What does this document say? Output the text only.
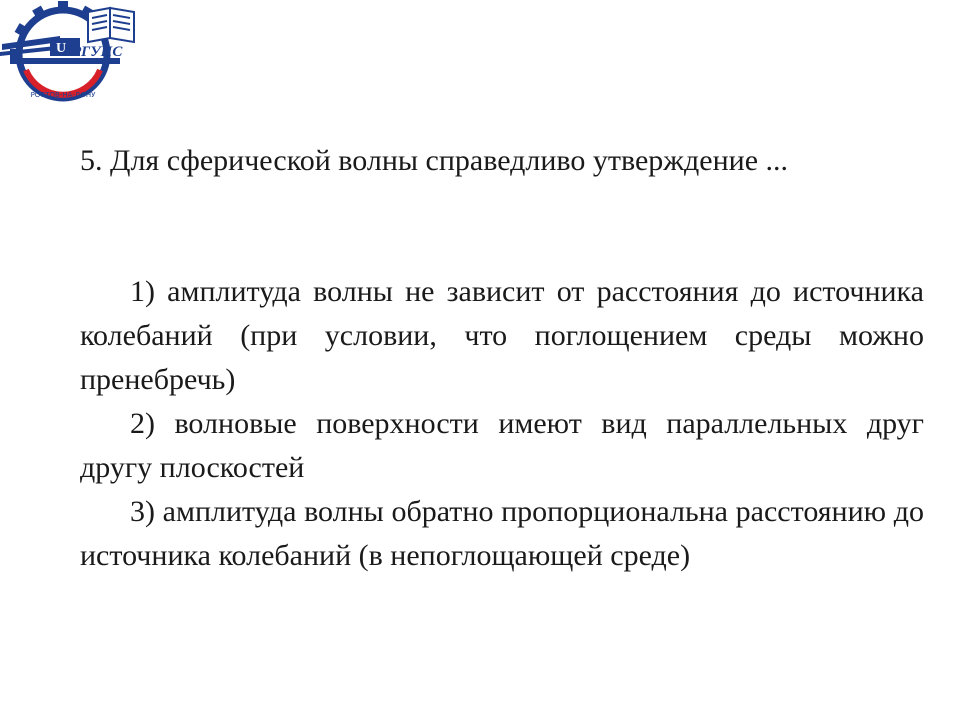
РОСТОВ-НА-ДОНУ
U РГУПС
5. Для сферической волны справедливо утверждение ...

1) амплитуда волны не зависит от расстояния до источника колебаний (при условии, что поглощением среды можно пренебречь)

2) волновые поверхности имеют вид параллельных друг другу плоскостей

3) амплитуда волны обратно пропорциональна расстоянию до источника колебаний (в непоглощающей среде)
